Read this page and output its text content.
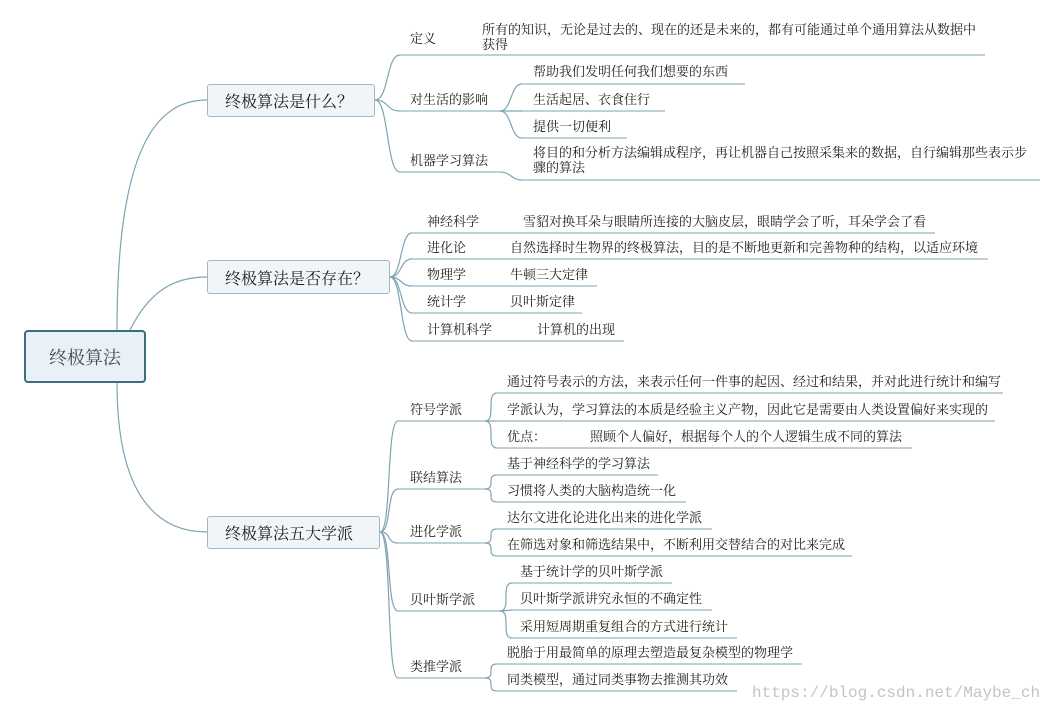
终极算法
终极算法是什么？
定义
所有的知识，无论是过去的、现在的还是未来的，都有可能通过单个通用算法从数据中
获得
对生活的影响
帮助我们发明任何我们想要的东西
生活起居、衣食住行
提供一切便利
机器学习算法
将目的和分析方法编辑成程序，再让机器自己按照采集来的数据，自行编辑那些表示步
骤的算法
终极算法是否存在？
神经科学	雪貂对换耳朵与眼睛所连接的大脑皮层，眼睛学会了听，耳朵学会了看
进化论	自然选择时生物界的终极算法，目的是不断地更新和完善物种的结构，以适应环境
物理学	牛顿三大定律
统计学	贝叶斯定律
计算机科学	计算机的出现
终极算法五大学派
符号学派
通过符号表示的方法，来表示任何一件事的起因、经过和结果，并对此进行统计和编写
学派认为，学习算法的本质是经验主义产物，因此它是需要由人类设置偏好来实现的
优点：	照顾个人偏好，根据每个人的个人逻辑生成不同的算法
联结算法
基于神经科学的学习算法
习惯将人类的大脑构造统一化
进化学派
达尔文进化论进化出来的进化学派
在筛选对象和筛选结果中，不断利用交替结合的对比来完成
贝叶斯学派
基于统计学的贝叶斯学派
贝叶斯学派讲究永恒的不确定性
采用短周期重复组合的方式进行统计
类推学派
脱胎于用最简单的原理去塑造最复杂模型的物理学
同类模型，通过同类事物去推测其功效
https://blog.csdn.net/Maybe_ch
